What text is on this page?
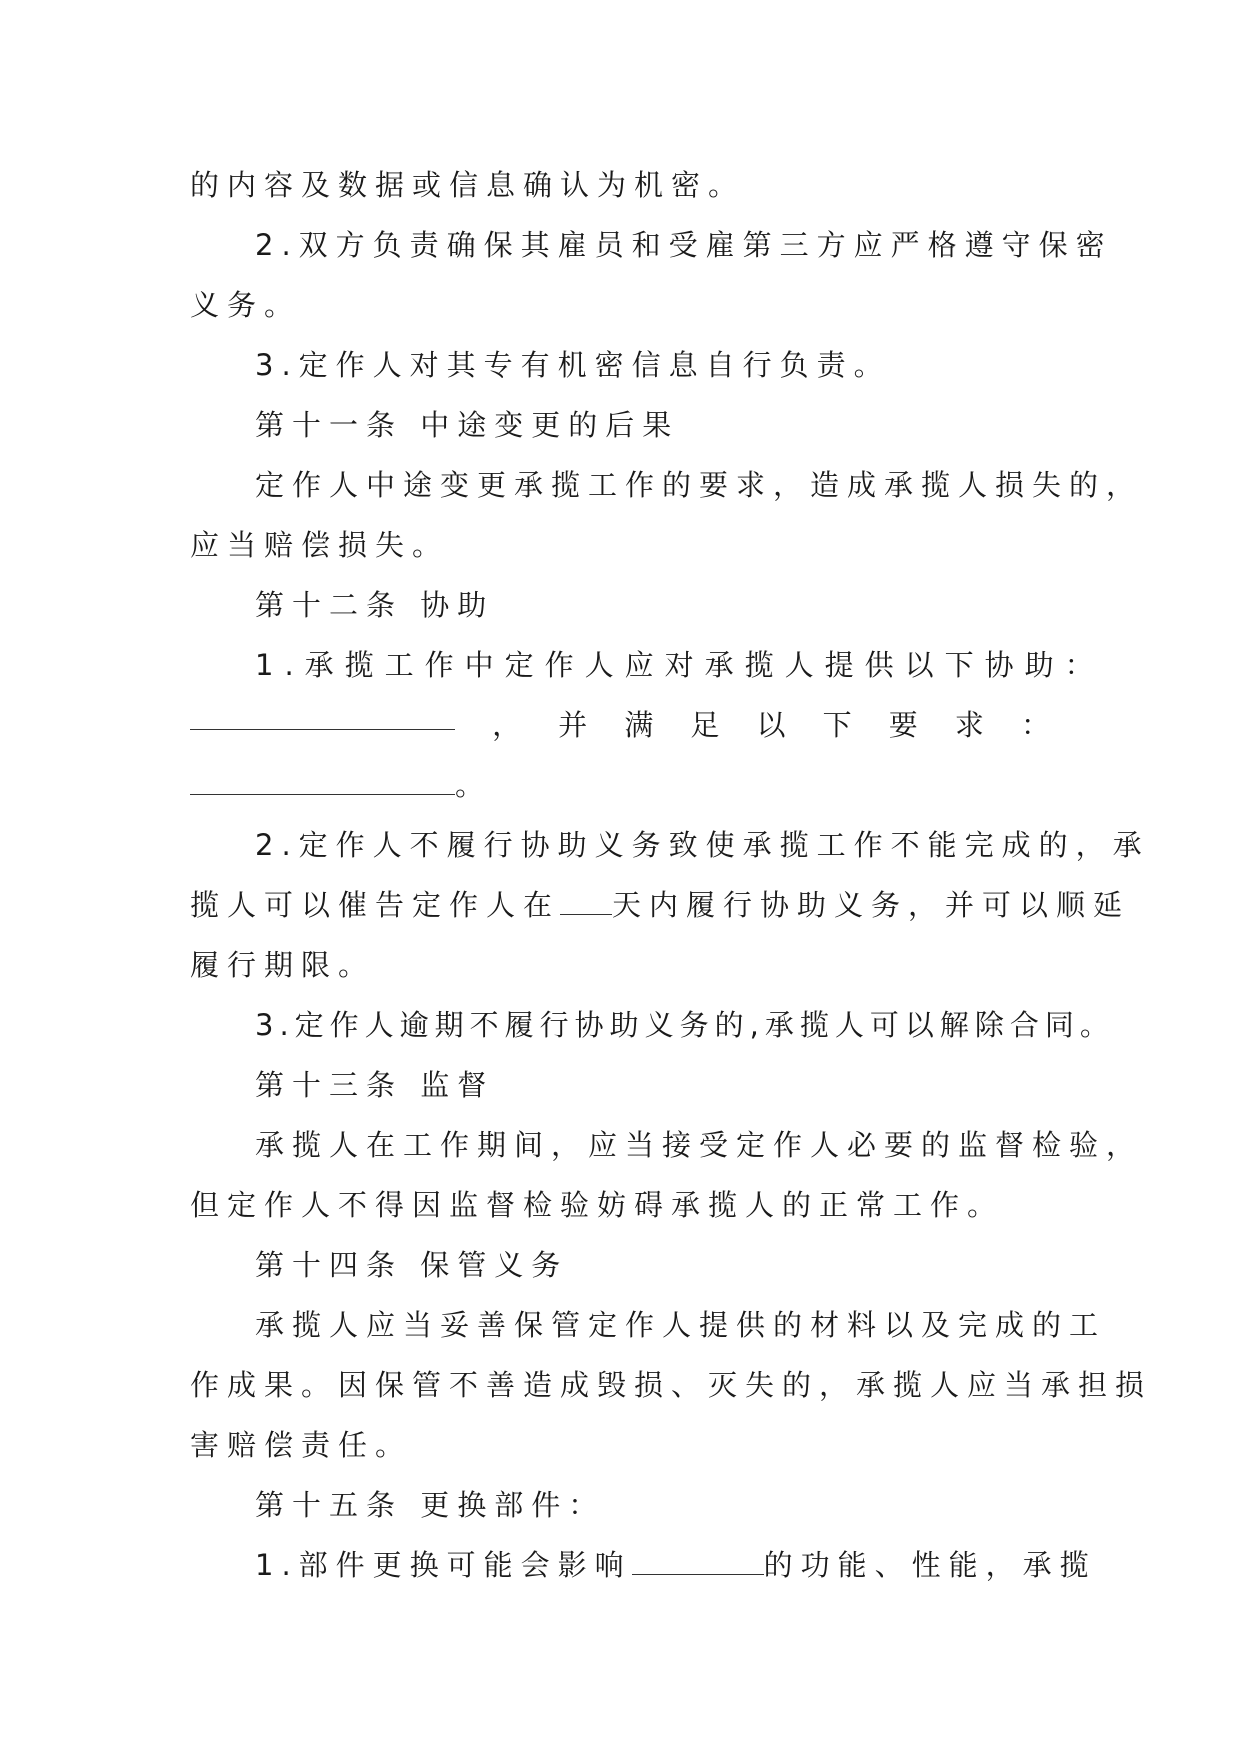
的内容及数据或信息确认为机密。
2.双方负责确保其雇员和受雇第三方应严格遵守保密
义务。
3.定作人对其专有机密信息自行负责。
第十一条 中途变更的后果
定作人中途变更承揽工作的要求，造成承揽人损失的，
应当赔偿损失。
第十二条 协助
1.承揽工作中定作人应对承揽人提供以下协助：
， 并 满 足 以 下 要 求 ：
。
2.定作人不履行协助义务致使承揽工作不能完成的，承
揽人可以催告定作人在 天内履行协助义务，并可以顺延
履行期限。
3.定作人逾期不履行协助义务的,承揽人可以解除合同。
第十三条 监督
承揽人在工作期间，应当接受定作人必要的监督检验，
但定作人不得因监督检验妨碍承揽人的正常工作。
第十四条 保管义务
承揽人应当妥善保管定作人提供的材料以及完成的工
作成果。因保管不善造成毁损、灭失的，承揽人应当承担损
害赔偿责任。
第十五条 更换部件：
1.部件更换可能会影响	的功能、性能，承揽
